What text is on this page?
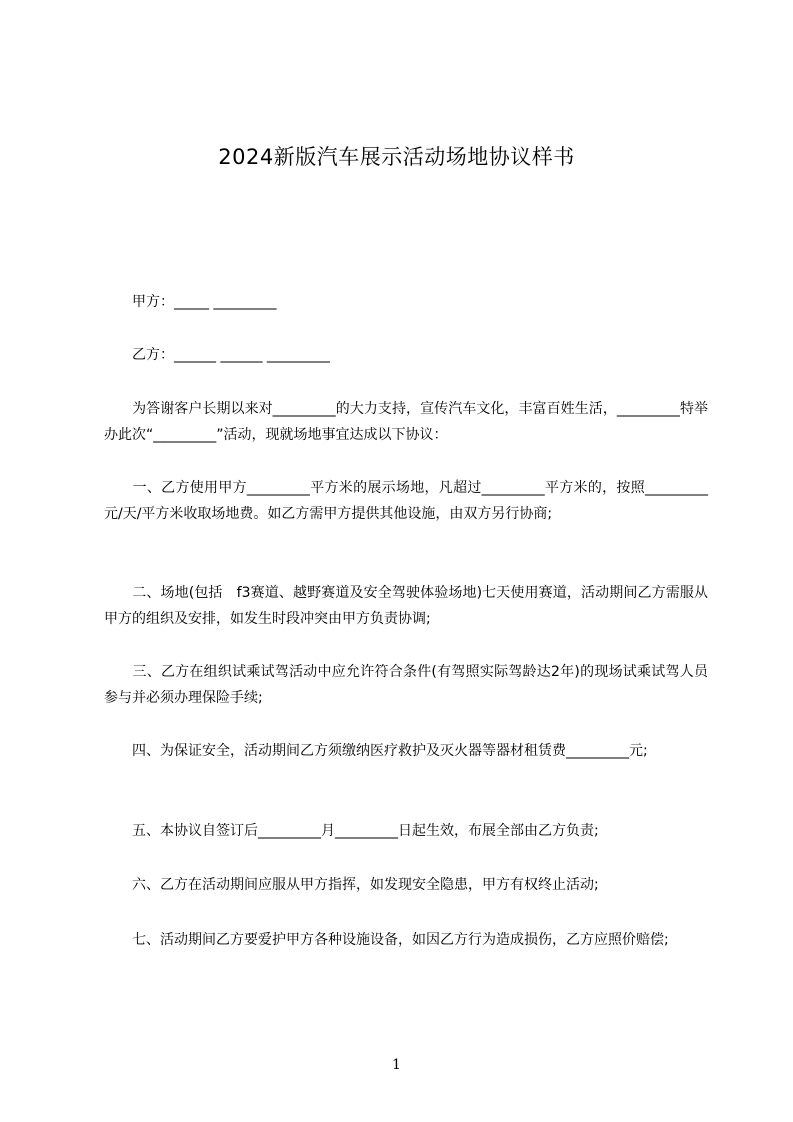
2024新版汽车展示活动场地协议样书
　　甲方：_____ _________
　　乙方：______ ______ _________
　　为答谢客户长期以来对_________的大力支持，宣传汽车文化，丰富百姓生活，_________特举办此次“_________”活动，现就场地事宜达成以下协议：
　　一、乙方使用甲方_________平方米的展示场地，凡超过_________平方米的，按照_________元/天/平方米收取场地费。如乙方需甲方提供其他设施，由双方另行协商;
　　二、场地(包括　f3赛道、越野赛道及安全驾驶体验场地)七天使用赛道，活动期间乙方需服从甲方的组织及安排，如发生时段冲突由甲方负责协调;
　　三、乙方在组织试乘试驾活动中应允许符合条件(有驾照实际驾龄达2年)的现场试乘试驾人员参与并必须办理保险手续;
　　四、为保证安全，活动期间乙方须缴纳医疗救护及灭火器等器材租赁费_________元;
　　五、本协议自签订后_________月_________日起生效，布展全部由乙方负责;
　　六、乙方在活动期间应服从甲方指挥，如发现安全隐患，甲方有权终止活动;
　　七、活动期间乙方要爱护甲方各种设施设备，如因乙方行为造成损伤，乙方应照价赔偿;
1
